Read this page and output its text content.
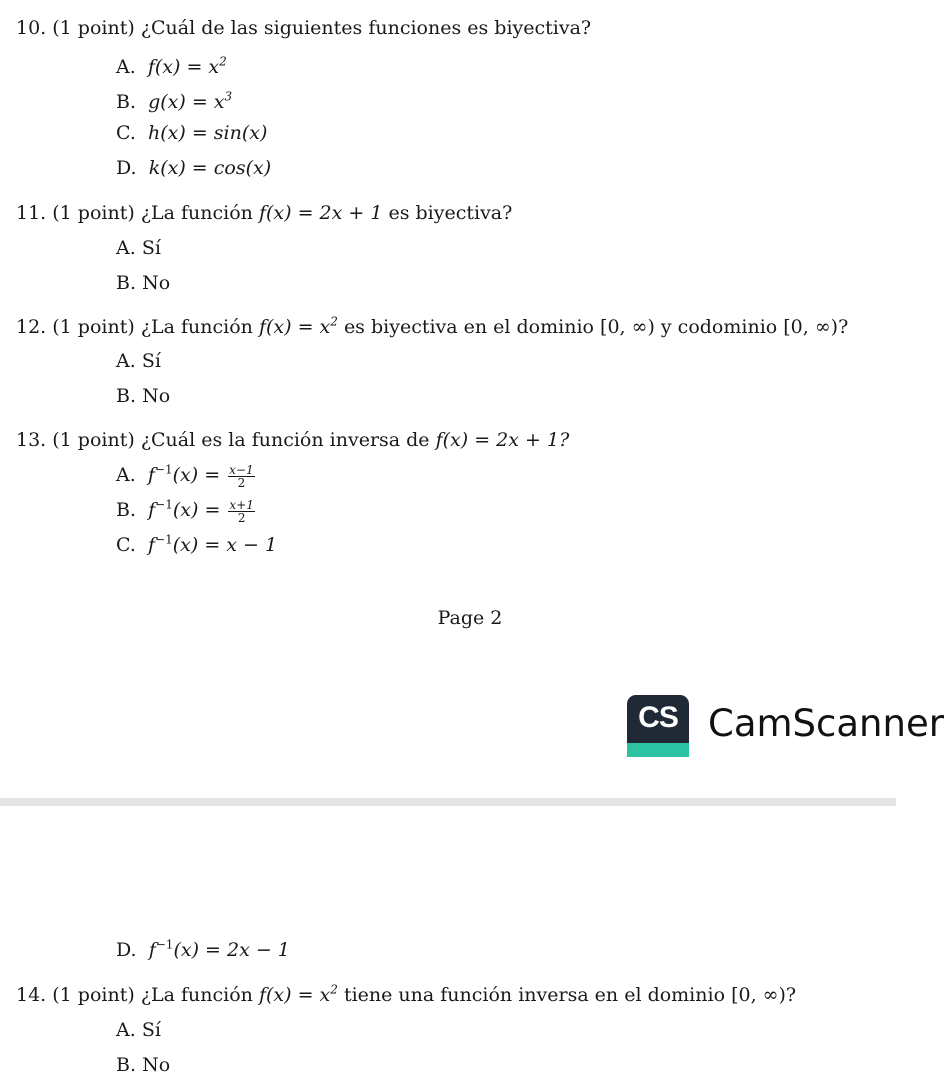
10. (1 point) ¿Cuál de las siguientes funciones es biyectiva?
A. $f(x) = x^2$
B. $g(x) = x^3$
C. h(x) = sin(x)
D. k(x) = cos(x)
11. (1 point) ¿La función f(x) = 2x + 1 es biyectiva?
A. Sí
B. No
12. (1 point) ¿La función $f(x) = x^2$ es biyectiva en el dominio [0, ∞) y codominio [0, ∞)?
A. Sí
B. No
13. (1 point) ¿Cuál es la función inversa de f(x) = 2x + 1?
A. $f^{-1}(x) = \frac{x-1}{2}$
B. $f^{-1}(x) = \frac{x+1}{2}$
C. $f^{-1}(x) = x - 1$
Page 2
CS CamScanner
D. $f^{-1}(x) = 2x - 1$
14. (1 point) ¿La función $f(x) = x^2$ tiene una función inversa en el dominio [0, ∞)?
A. Sí
B. No
